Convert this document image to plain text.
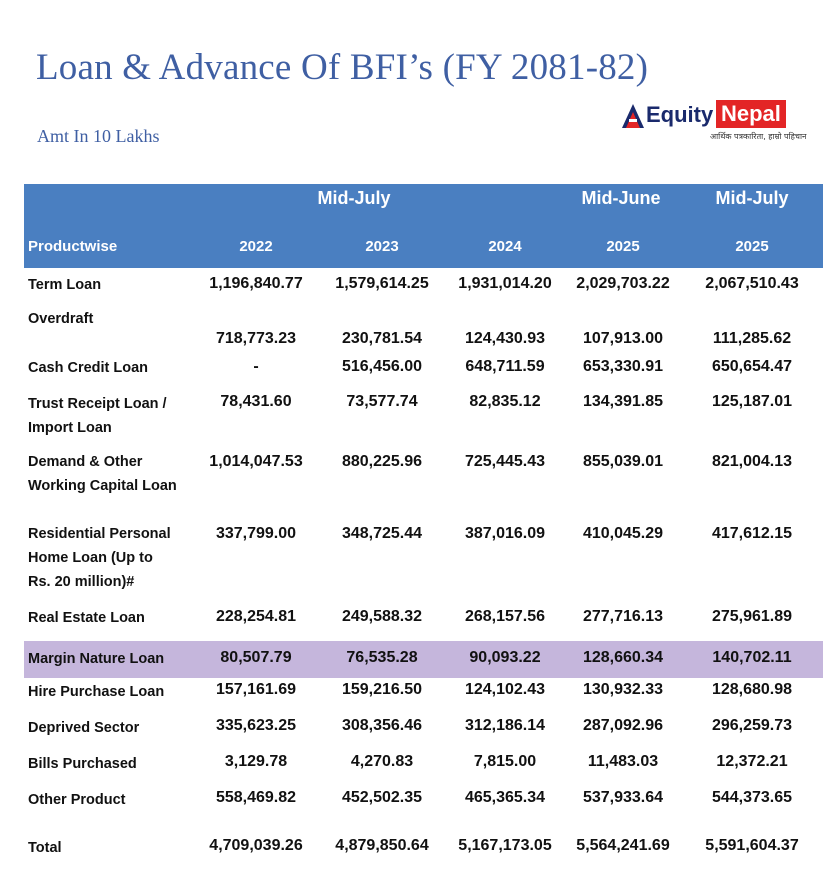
Loan & Advance Of BFI’s (FY 2081-82)
Amt In 10 Lakhs
Equity Nepal
आर्थिक पत्रकारिता, हाम्रो पहिचान
Mid-July	Mid-June	Mid-July
Productwise	2022	2023	2024	2025	2025
Term Loan	1,196,840.77 1,579,614.25 1,931,014.20 2,029,703.22 2,067,510.43
Overdraft
718,773.23	230,781.54	124,430.93 107,913.00	111,285.62
Cash Credit Loan	-	516,456.00	648,711.59 653,330.91	650,654.47
Trust Receipt Loan /
Import Loan
78,431.60	73,577.74	82,835.12	134,391.85	125,187.01
Demand & Other
Working Capital Loan
1,014,047.53 880,225.96	725,445.43 855,039.01	821,004.13
Residential Personal
Home Loan (Up to
Rs. 20 million)#
337,799.00	348,725.44	387,016.09 410,045.29	417,612.15
Real Estate Loan	228,254.81	249,588.32	268,157.56 277,716.13	275,961.89
Margin Nature Loan	80,507.79	76,535.28	90,093.22	128,660.34	140,702.11
Hire Purchase Loan	157,161.69	159,216.50	124,102.43 130,932.33	128,680.98
Deprived Sector	335,623.25	308,356.46	312,186.14 287,092.96	296,259.73
Bills Purchased	3,129.78	4,270.83	7,815.00	11,483.03	12,372.21
Other Product	558,469.82	452,502.35	465,365.34 537,933.64	544,373.65
Total	4,709,039.26 4,879,850.64 5,167,173.05 5,564,241.69 5,591,604.37
